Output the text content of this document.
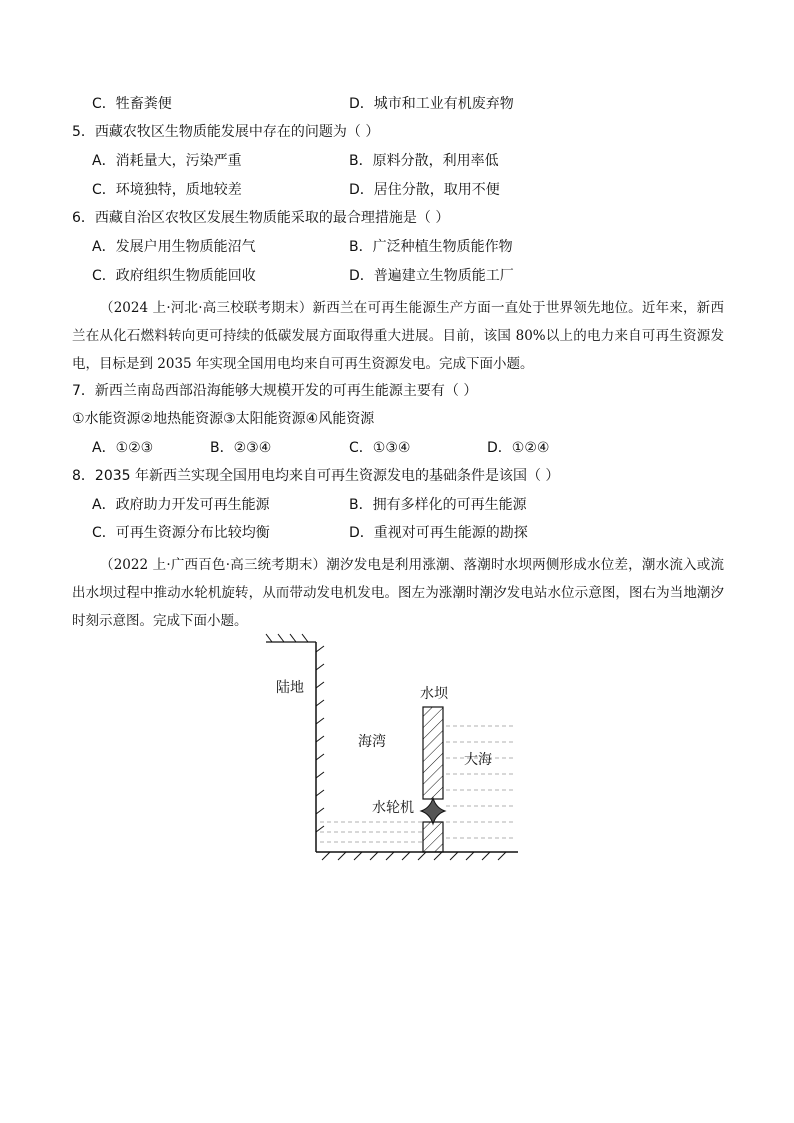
C．牲畜粪便	D．城市和工业有机废弃物
5．西藏农牧区生物质能发展中存在的问题为（ ）
A．消耗量大，污染严重	B．原料分散，利用率低
C．环境独特，质地较差	D．居住分散，取用不便
6．西藏自治区农牧区发展生物质能采取的最合理措施是（ ）
A．发展户用生物质能沼气	B．广泛种植生物质能作物
C．政府组织生物质能回收	D．普遍建立生物质能工厂
（2024 上·河北·高三校联考期末）新西兰在可再生能源生产方面一直处于世界领先地位。近年来，新西兰在从化石燃料转向更可持续的低碳发展方面取得重大进展。目前，该国 80%以上的电力来自可再生资源发电，目标是到 2035 年实现全国用电均来自可再生资源发电。完成下面小题。
7．新西兰南岛西部沿海能够大规模开发的可再生能源主要有（ ）
①水能资源②地热能资源③太阳能资源④风能资源
A．①②③	B．②③④	C．①③④	D．①②④
8．2035 年新西兰实现全国用电均来自可再生资源发电的基础条件是该国（ ）
A．政府助力开发可再生能源	B．拥有多样化的可再生能源
C．可再生资源分布比较均衡	D．重视对可再生能源的勘探
（2022 上·广西百色·高三统考期末）潮汐发电是利用涨潮、落潮时水坝两侧形成水位差，潮水流入或流出水坝过程中推动水轮机旋转，从而带动发电机发电。图左为涨潮时潮汐发电站水位示意图，图右为当地潮汐时刻示意图。完成下面小题。
陆地	水坝
海湾
大海
水轮机
